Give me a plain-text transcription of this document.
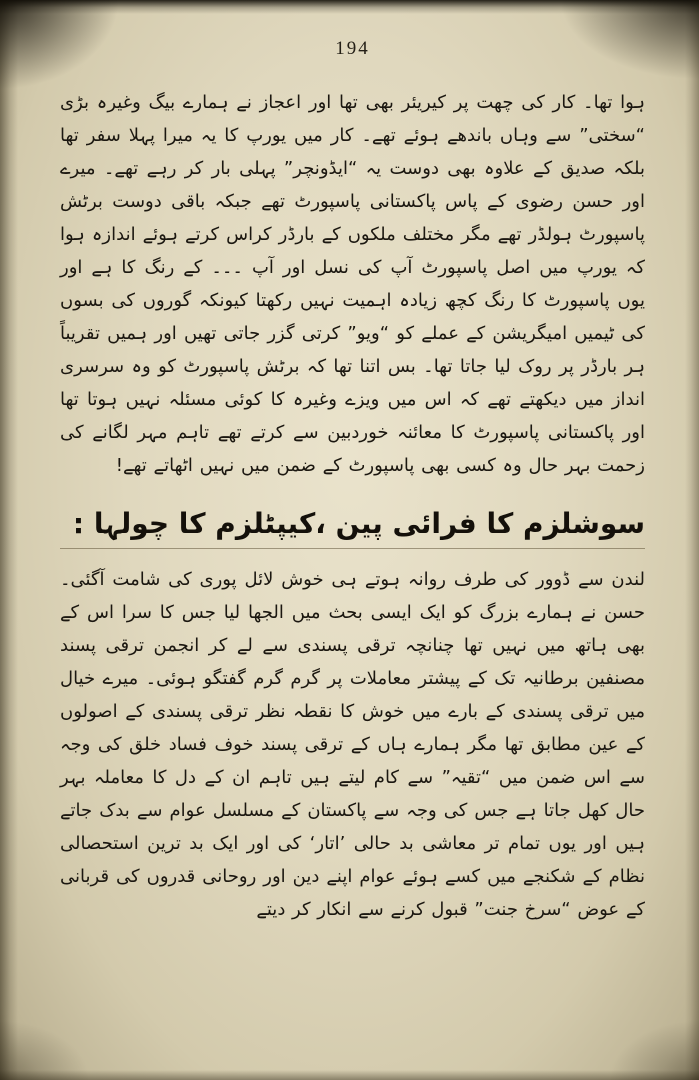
194

ہوا تھا۔ کار کی چھت پر کیریئر بھی تھا اور اعجاز نے ہمارے بیگ وغیرہ بڑی “سختی” سے وہاں باندھے ہوئے تھے۔ کار میں یورپ کا یہ میرا پہلا سفر تھا بلکہ صدیق کے علاوہ بھی دوست یہ “ایڈونچر” پہلی بار کر رہے تھے۔ میرے اور حسن رضوی کے پاس پاکستانی پاسپورٹ تھے جبکہ باقی دوست برٹش پاسپورٹ ہولڈر تھے مگر مختلف ملکوں کے بارڈر کراس کرتے ہوئے اندازہ ہوا کہ یورپ میں اصل پاسپورٹ آپ کی نسل اور آپ ۔۔۔ کے رنگ کا ہے اور یوں پاسپورٹ کا رنگ کچھ زیادہ اہمیت نہیں رکھتا کیونکہ گوروں کی بسوں کی ٹیمیں امیگریشن کے عملے کو “ویو” کرتی گزر جاتی تھیں اور ہمیں تقریباً ہر بارڈر پر روک لیا جاتا تھا۔ بس اتنا تھا کہ برٹش پاسپورٹ کو وہ سرسری انداز میں دیکھتے تھے کہ اس میں ویزے وغیرہ کا کوئی مسئلہ نہیں ہوتا تھا اور پاکستانی پاسپورٹ کا معائنہ خوردبین سے کرتے تھے تاہم مہر لگانے کی زحمت بہر حال وہ کسی بھی پاسپورٹ کے ضمن میں نہیں اٹھاتے تھے!

سوشلزم کا فرائی پین ،کیپٹلزم کا چولہا :

لندن سے ڈوور کی طرف روانہ ہوتے ہی خوش لائل پوری کی شامت آگئی۔ حسن نے ہمارے بزرگ کو ایک ایسی بحث میں الجھا لیا جس کا سرا اس کے بھی ہاتھ میں نہیں تھا چنانچہ ترقی پسندی سے لے کر انجمن ترقی پسند مصنفین برطانیہ تک کے پیشتر معاملات پر گرم گرم گفتگو ہوئی۔ میرے خیال میں ترقی پسندی کے بارے میں خوش کا نقطہ نظر ترقی پسندی کے اصولوں کے عین مطابق تھا مگر ہمارے ہاں کے ترقی پسند خوف فساد خلق کی وجہ سے اس ضمن میں “تقیہ” سے کام لیتے ہیں تاہم ان کے دل کا معاملہ بہر حال کھل جاتا ہے جس کی وجہ سے پاکستان کے مسلسل عوام سے بدک جاتے ہیں اور یوں تمام تر معاشی بد حالی ’اتار‘ کی اور ایک بد ترین استحصالی نظام کے شکنجے میں کسے ہوئے عوام اپنے دین اور روحانی قدروں کی قربانی کے عوض “سرخ جنت” قبول کرنے سے انکار کر دیتے
